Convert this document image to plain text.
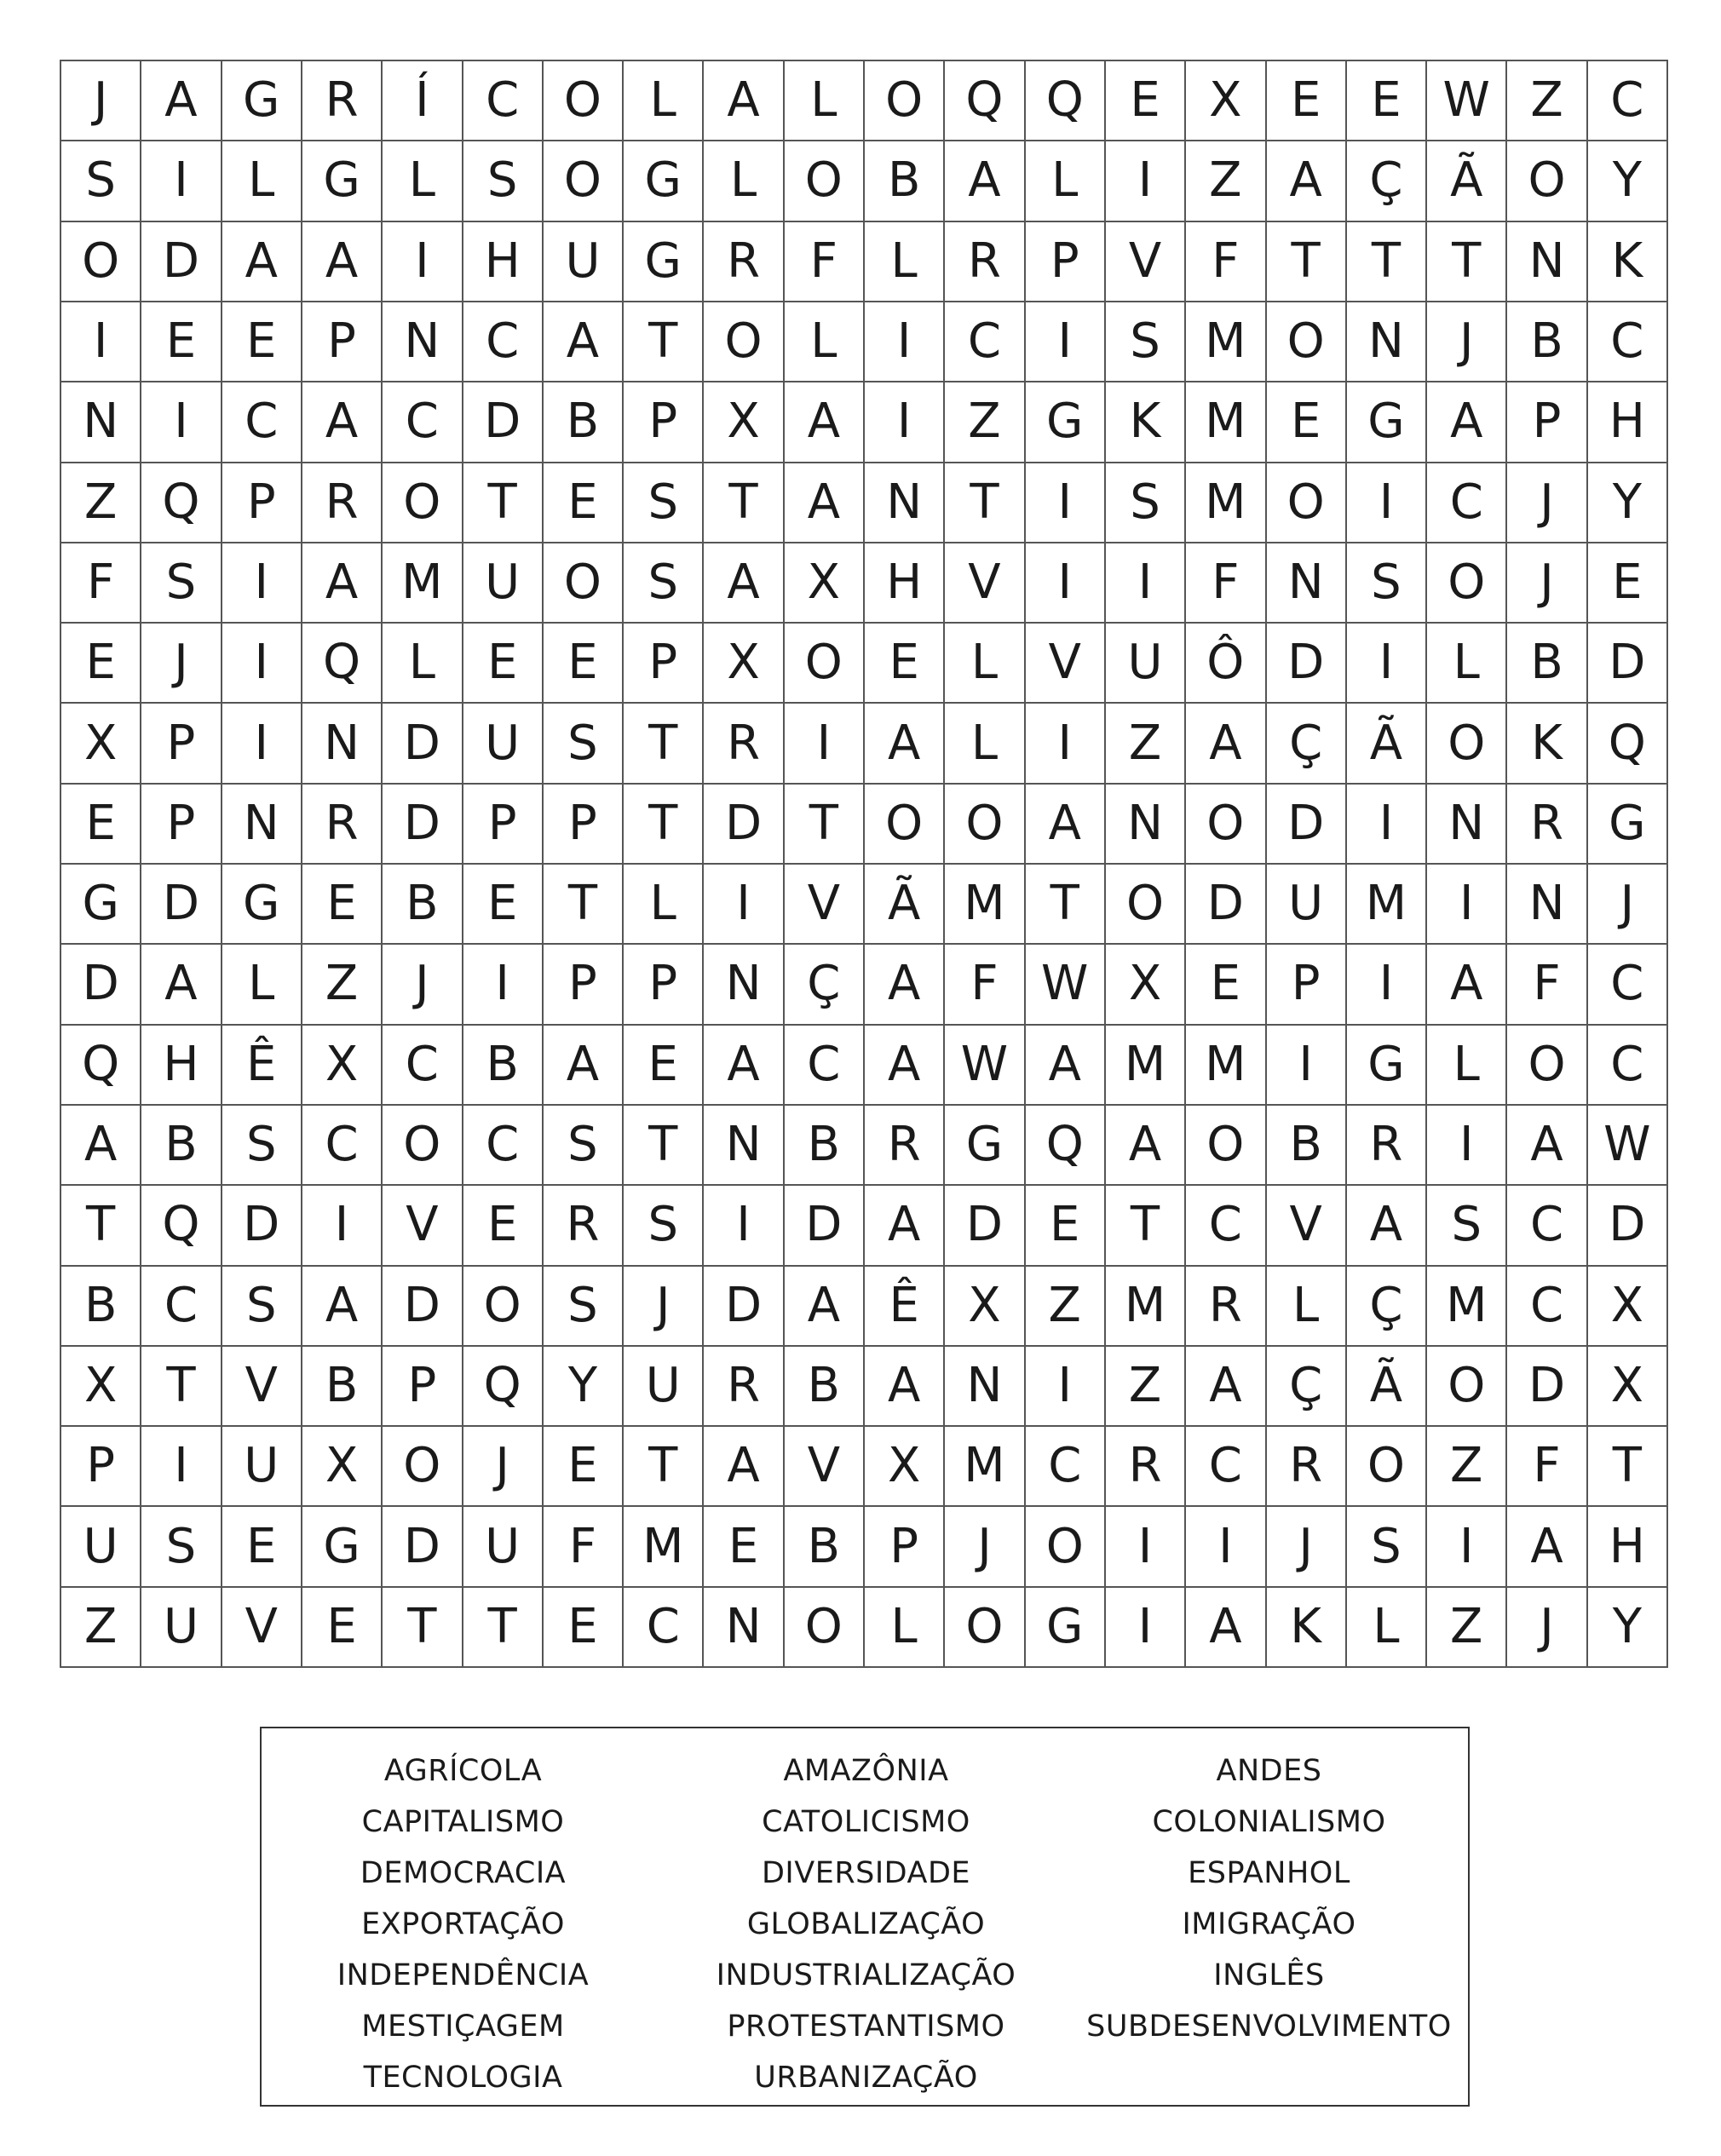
J	A G R	Í	C O	L	A	L	O Q Q E	X	E	E W Z C
S	I	L	G	L	S O G	L	O B A	L	I	Z A Ç Ã O Y
O D A A	I	H U G R	F	L	R	P	V	F	T	T	T	N K
I	E	E	P	N C A	T O	L	I	C	I	S M O N	J	B C
N	I	C A C D B	P	X A	I	Z G K M E G A	P	H
Z Q P	R O T	E	S	T	A N	T	I	S M O	I	C	J	Y
F	S	I	A M U O S	A X H V	I	I	F	N S O	J	E
E	J	I	Q	L	E	E	P	X O E	L	V U Ô D	I	L	B D
X	P	I	N D U	S	T	R	I	A	L	I	Z A Ç Ã O K Q
E	P	N R D P	P	T D T O O A N O D	I	N R G
G D G E	B	E	T	L	I	V Ã M T O D U M	I	N	J
D A	L	Z	J	I	P	P	N Ç A	F W X	E	P	I	A	F	C
Q H Ê	X C B A	E	A C A W A M M	I	G	L	O C
A B	S	C O C	S	T	N B R G Q A O B R	I	A W
T Q D	I	V	E	R	S	I	D A D E	T	C V A	S	C D
B C	S	A D O S	J	D A	Ê	X Z M R	L	Ç M C X
X	T	V B	P Q Y	U R B A N	I	Z A Ç Ã O D X
P	I	U X O	J	E	T	A	V X M C R C R O Z	F	T
U	S	E G D U	F M E	B	P	J	O	I	I	J	S	I	A H
Z U V	E	T	T	E	C N O	L	O G	I	A	K	L	Z	J	Y
AGRÍCOLA
CAPITALISMO
DEMOCRACIA
EXPORTAÇÃO
INDEPENDÊNCIA
MESTIÇAGEM
TECNOLOGIA
AMAZÔNIA
CATOLICISMO
DIVERSIDADE
GLOBALIZAÇÃO
INDUSTRIALIZAÇÃO
PROTESTANTISMO
URBANIZAÇÃO
ANDES
COLONIALISMO
ESPANHOL
IMIGRAÇÃO
INGLÊS
SUBDESENVOLVIMENTO
